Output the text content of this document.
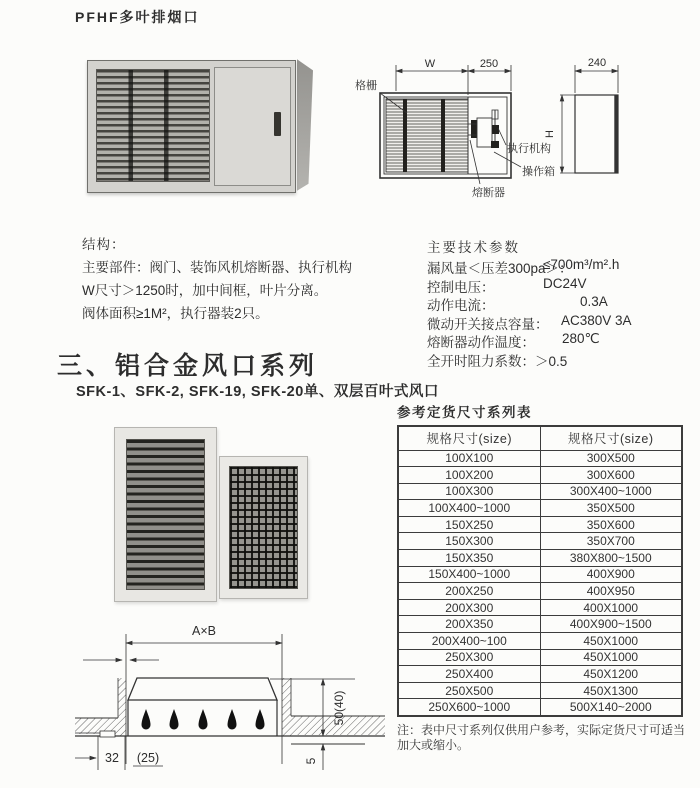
PFHF多叶排烟口
W	250	240
H
格栅
执行机构
操作箱
熔断器
结构：
主要部件：阀门、装饰风机熔断器、执行机构
W尺寸＞1250时，加中间框，叶片分离。
阀体面积≥1M²，执行器装2只。
主要技术参数
漏风量＜压差300pa＞：
≤700m³/m².h
控制电压：	DC24V
动作电流：	0.3A
微动开关接点容量： AC380V 3A
熔断器动作温度： 280℃
全开时阻力系数： ＞0.5
三、铝合金风口系列
SFK-1、SFK-2, SFK-19, SFK-20单、双层百叶式风口
A×B
50(40)
5
32 (25)
参考定货尺寸系列表
规格尺寸(size)	规格尺寸(size)
100X100	300X500
100X200	300X600
100X300	300X400~1000
100X400~1000	350X500
150X250	350X600
150X300	350X700
150X350	380X800~1500
150X400~1000	400X900
200X250	400X950
200X300	400X1000
200X350	400X900~1500
200X400~100	450X1000
250X300	450X1000
250X400	450X1200
250X500	450X1300
250X600~1000	500X140~2000
注：表中尺寸系列仅供用户参考，实际定货尺寸可适当加大或缩小。
